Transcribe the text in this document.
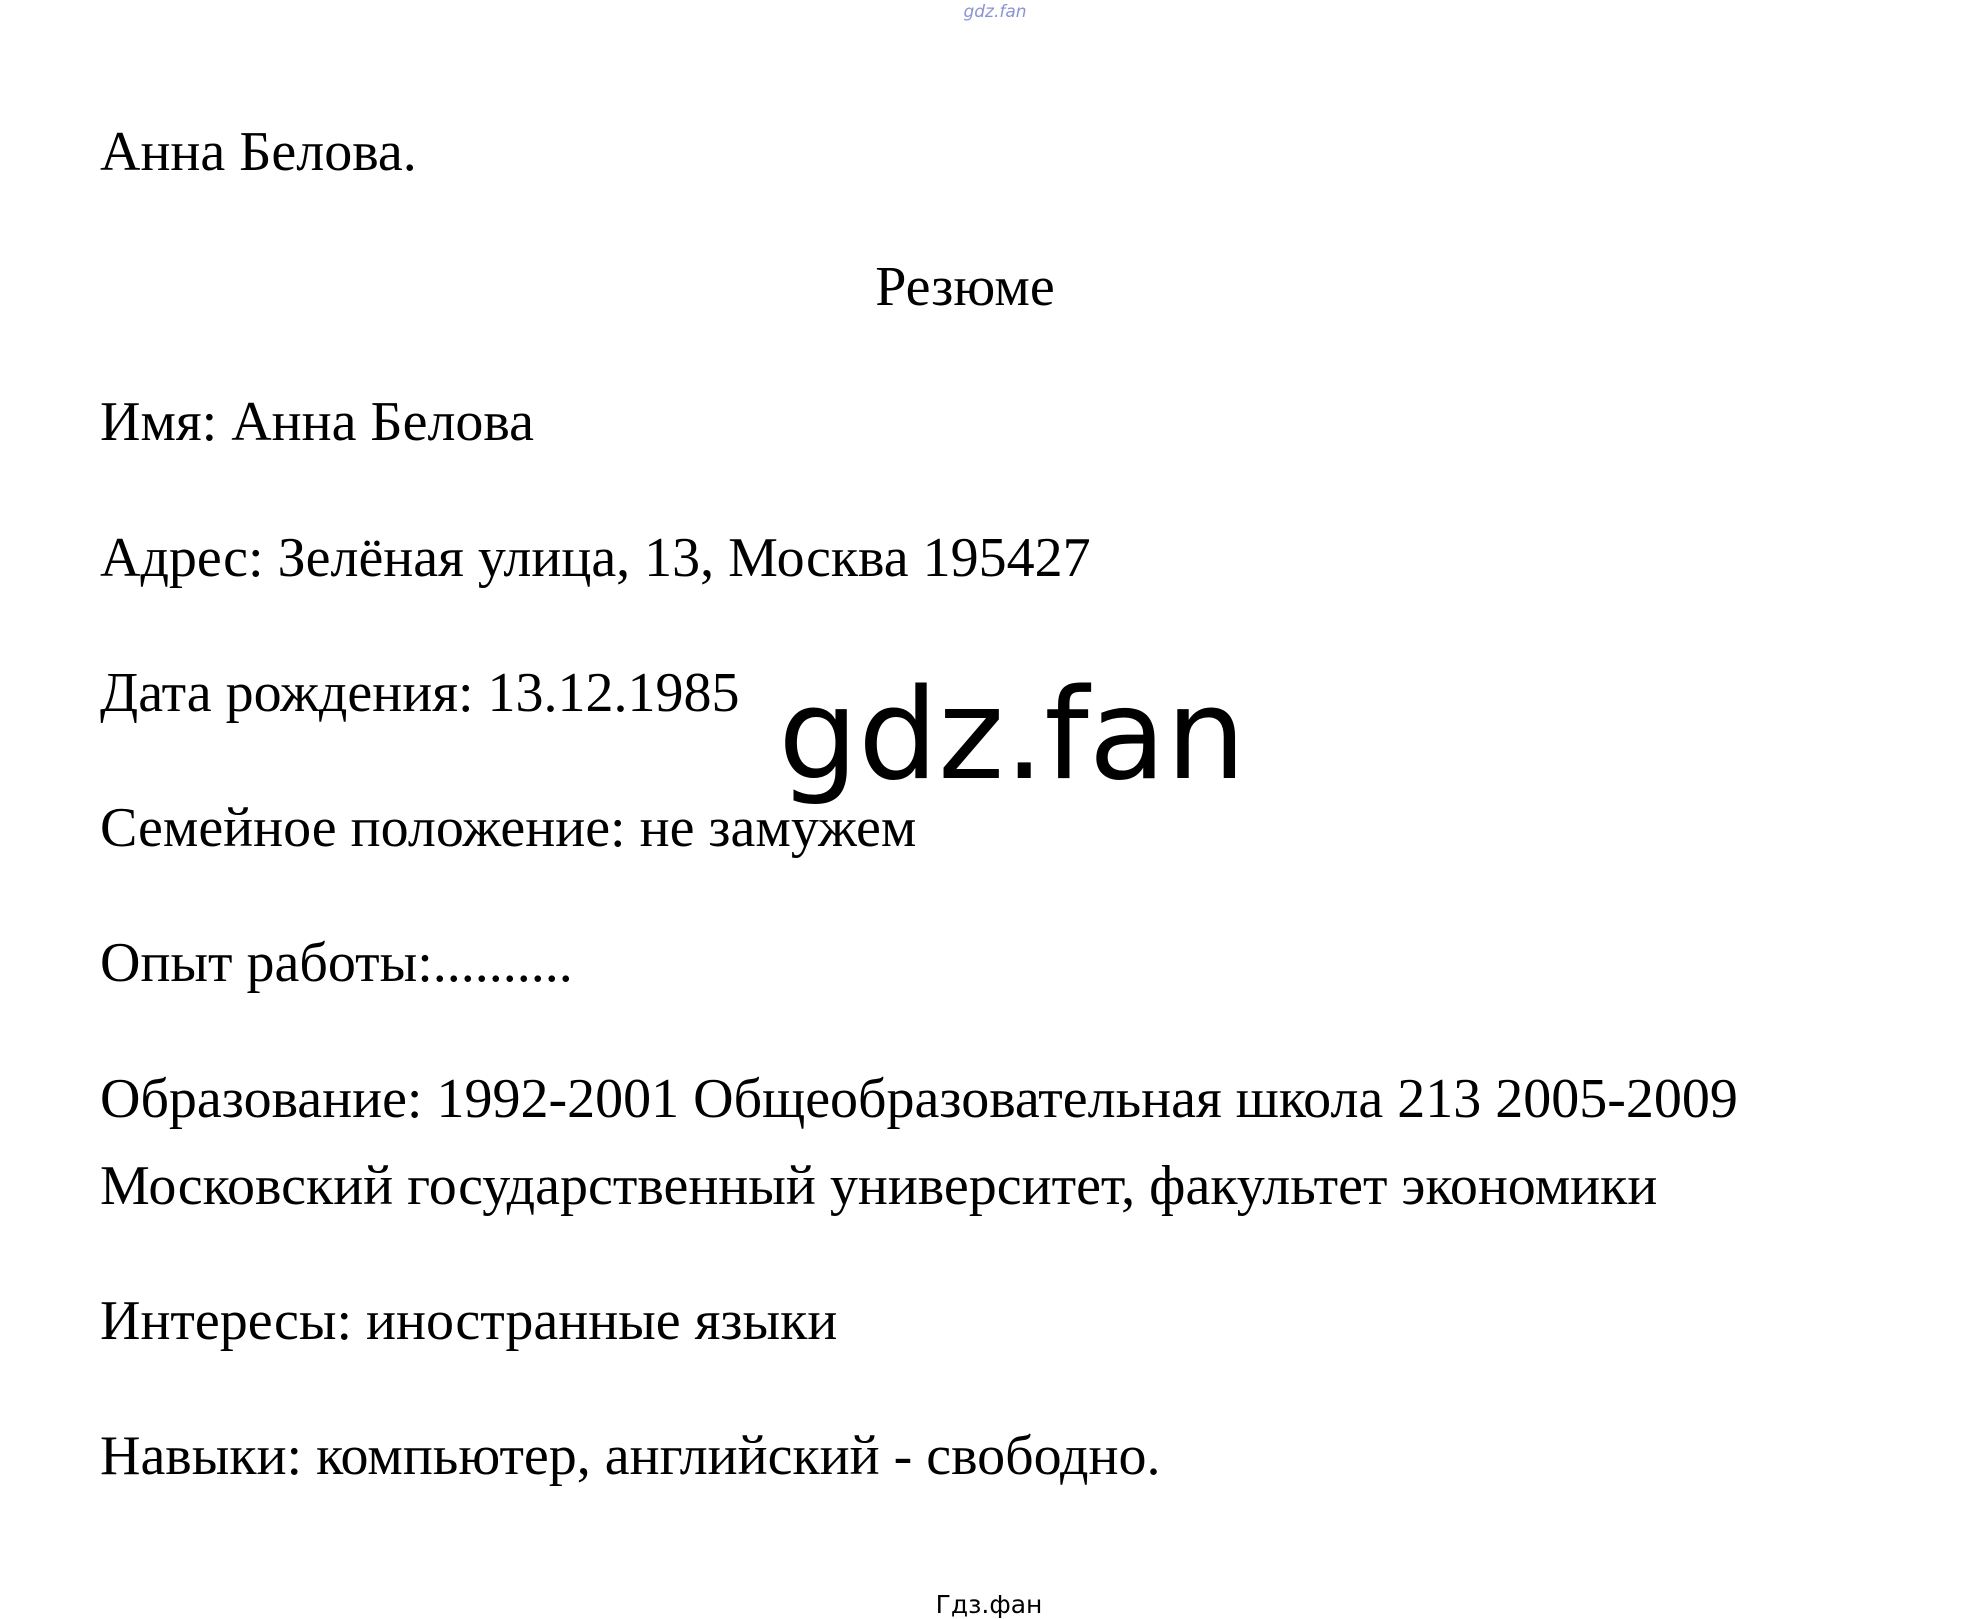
gdz.fan
Анна Белова.
Резюме
Имя: Анна Белова
Адрес: Зелёная улица, 13, Москва 195427
Дата рождения: 13.12.1985
Семейное положение: не замужем
Опыт работы:..........
Образование: 1992-2001 Общеобразовательная школа 213 2005-2009
Московский государственный университет, факультет экономики
Интересы: иностранные языки
Навыки: компьютер, английский - свободно.
gdz.fan
Гдз.фан
